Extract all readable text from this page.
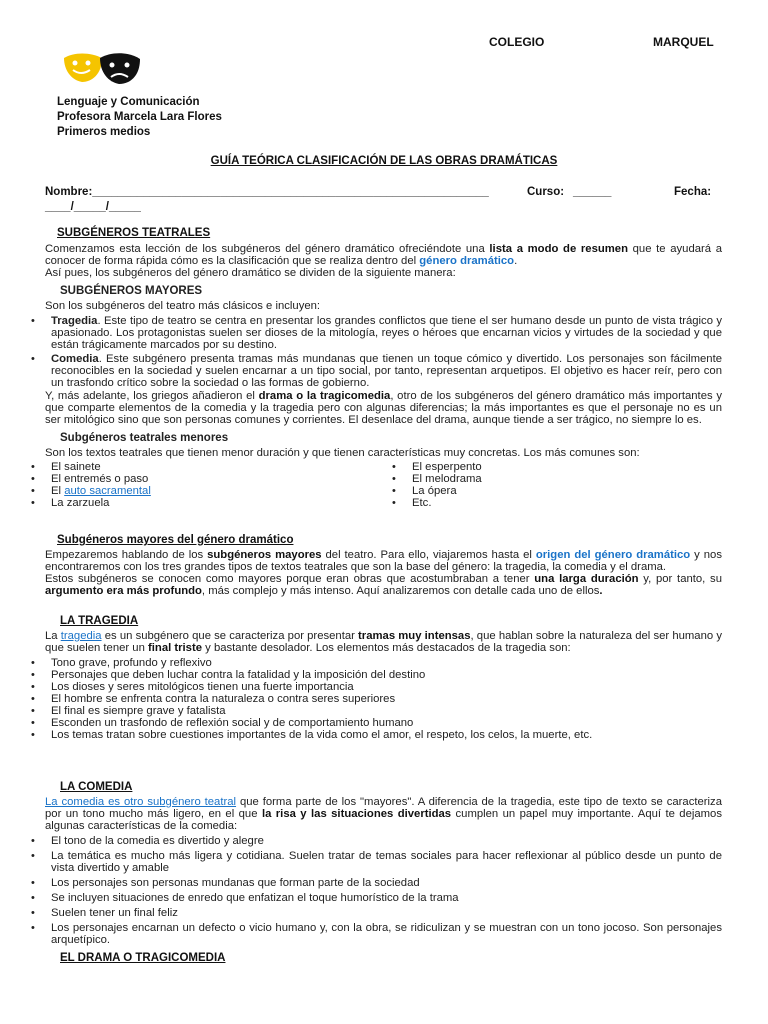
COLEGIO	MARQUEL
Lenguaje y Comunicación
Profesora Marcela Lara Flores
Primeros medios
GUÍA TEÓRICA CLASIFICACIÓN DE LAS OBRAS DRAMÁTICAS
Nombre:______________________________________________________________	Curso: ______	Fecha:
____/_____/_____
SUBGÉNEROS TEATRALES
Comenzamos esta lección de los subgéneros del género dramático ofreciéndote una lista a modo de resumen que te ayudará a conocer de forma rápida cómo es la clasificación que se realiza dentro del género dramático.
Así pues, los subgéneros del género dramático se dividen de la siguiente manera:
SUBGÉNEROS MAYORES
Son los subgéneros del teatro más clásicos e incluyen:
• Tragedia. Este tipo de teatro se centra en presentar los grandes conflictos que tiene el ser humano desde un punto de vista trágico y apasionado. Los protagonistas suelen ser dioses de la mitología, reyes o héroes que encarnan vicios y virtudes de la sociedad y que están trágicamente marcados por su destino.
• Comedia. Este subgénero presenta tramas más mundanas que tienen un toque cómico y divertido. Los personajes son fácilmente reconocibles en la sociedad y suelen encarnar a un tipo social, por tanto, representan arquetipos. El objetivo es hacer reír, pero con un trasfondo crítico sobre la sociedad o las formas de gobierno.
Y, más adelante, los griegos añadieron el drama o la tragicomedia, otro de los subgéneros del género dramático más importantes y que comparte elementos de la comedia y la tragedia pero con algunas diferencias; la más importantes es que el personaje no es un ser mitológico sino que son personas comunes y corrientes. El desenlace del drama, aunque tiende a ser trágico, no siempre lo es.
Subgéneros teatrales menores
Son los textos teatrales que tienen menor duración y que tienen características muy concretas. Los más comunes son:
• El sainete
• El entremés o paso
• El auto sacramental
• La zarzuela
• El esperpento
• El melodrama
• La ópera
• Etc.
Subgéneros mayores del género dramático
Empezaremos hablando de los subgéneros mayores del teatro. Para ello, viajaremos hasta el origen del género dramático y nos encontraremos con los tres grandes tipos de textos teatrales que son la base del género: la tragedia, la comedia y el drama.
Estos subgéneros se conocen como mayores porque eran obras que acostumbraban a tener una larga duración y, por tanto, su argumento era más profundo, más complejo y más intenso. Aquí analizaremos con detalle cada uno de ellos.
LA TRAGEDIA
La tragedia es un subgénero que se caracteriza por presentar tramas muy intensas, que hablan sobre la naturaleza del ser humano y que suelen tener un final triste y bastante desolador. Los elementos más destacados de la tragedia son:
• Tono grave, profundo y reflexivo
• Personajes que deben luchar contra la fatalidad y la imposición del destino
• Los dioses y seres mitológicos tienen una fuerte importancia
• El hombre se enfrenta contra la naturaleza o contra seres superiores
• El final es siempre grave y fatalista
• Esconden un trasfondo de reflexión social y de comportamiento humano
• Los temas tratan sobre cuestiones importantes de la vida como el amor, el respeto, los celos, la muerte, etc.
LA COMEDIA
La comedia es otro subgénero teatral que forma parte de los "mayores". A diferencia de la tragedia, este tipo de texto se caracteriza por un tono mucho más ligero, en el que la risa y las situaciones divertidas cumplen un papel muy importante. Aquí te dejamos algunas características de la comedia:
• El tono de la comedia es divertido y alegre
• La temática es mucho más ligera y cotidiana. Suelen tratar de temas sociales para hacer reflexionar al público desde un punto de vista divertido y amable
• Los personajes son personas mundanas que forman parte de la sociedad
• Se incluyen situaciones de enredo que enfatizan el toque humorístico de la trama
• Suelen tener un final feliz
• Los personajes encarnan un defecto o vicio humano y, con la obra, se ridiculizan y se muestran con un tono jocoso. Son personajes arquetípico.
EL DRAMA O TRAGICOMEDIA
